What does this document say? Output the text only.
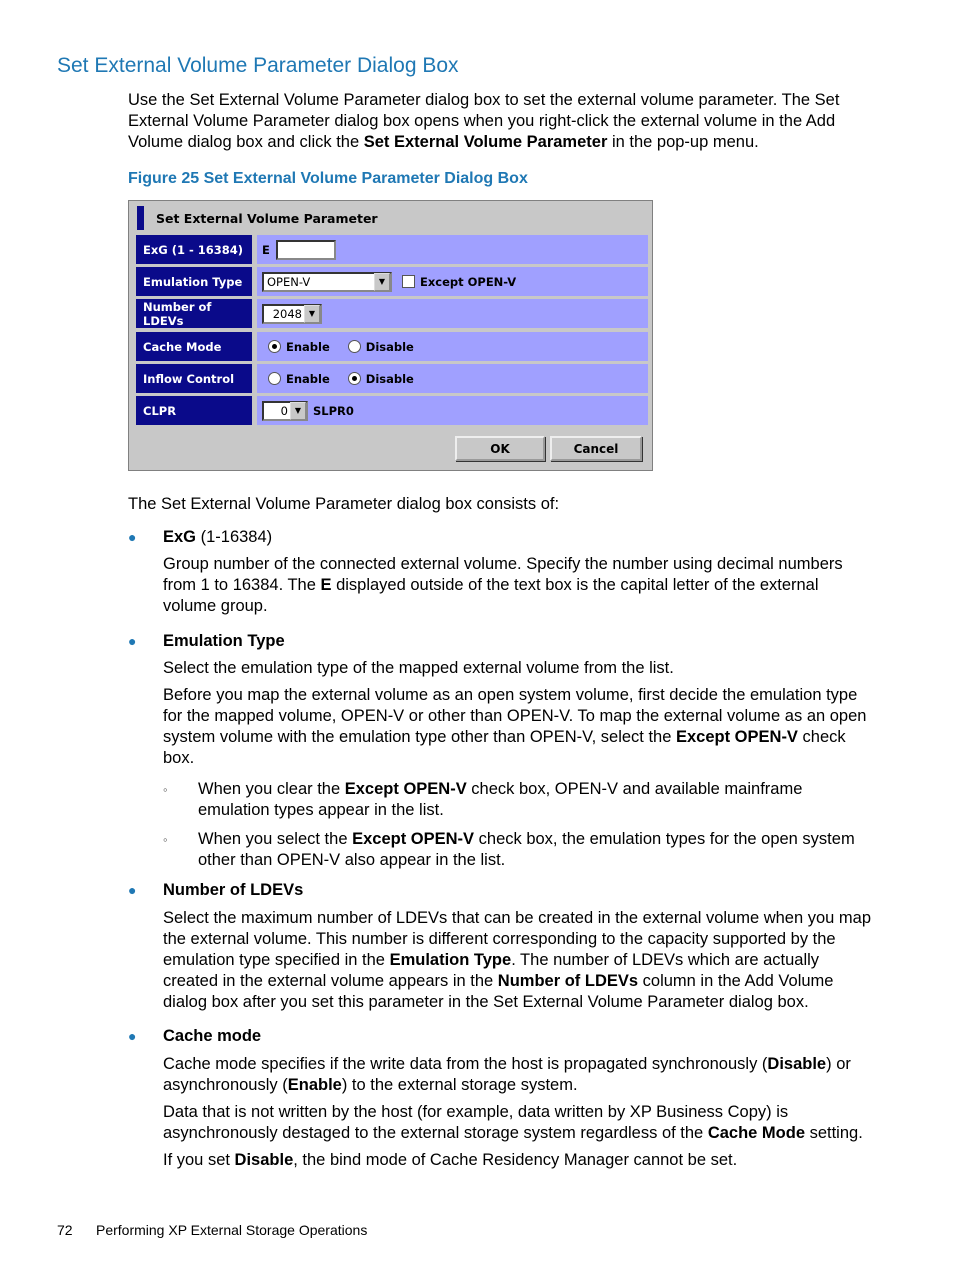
Set External Volume Parameter Dialog Box

Use the Set External Volume Parameter dialog box to set the external volume parameter. The Set External Volume Parameter dialog box opens when you right-click the external volume in the Add Volume dialog box and click the Set External Volume Parameter in the pop-up menu.

Figure 25 Set External Volume Parameter Dialog Box

Set External Volume Parameter
ExG (1 - 16384)	E
Emulation Type	OPEN-V	▼	Except OPEN-V
Number of LDEVs	2048 ▼
Cache Mode	Enable	Disable
Inflow Control	Enable	Disable
CLPR	0 ▼	SLPR0
OK	Cancel

The Set External Volume Parameter dialog box consists of:

● ExG (1-16384)

Group number of the connected external volume. Specify the number using decimal numbers from 1 to 16384. The E displayed outside of the text box is the capital letter of the external volume group.

● Emulation Type

Select the emulation type of the mapped external volume from the list.

Before you map the external volume as an open system volume, first decide the emulation type for the mapped volume, OPEN-V or other than OPEN-V. To map the external volume as an open system volume with the emulation type other than OPEN-V, select the Except OPEN-V check box.

◦ When you clear the Except OPEN-V check box, OPEN-V and available mainframe emulation types appear in the list.

◦ When you select the Except OPEN-V check box, the emulation types for the open system other than OPEN-V also appear in the list.

● Number of LDEVs

Select the maximum number of LDEVs that can be created in the external volume when you map the external volume. This number is different corresponding to the capacity supported by the emulation type specified in the Emulation Type. The number of LDEVs which are actually created in the external volume appears in the Number of LDEVs column in the Add Volume dialog box after you set this parameter in the Set External Volume Parameter dialog box.

● Cache mode

Cache mode specifies if the write data from the host is propagated synchronously (Disable) or asynchronously (Enable) to the external storage system.

Data that is not written by the host (for example, data written by XP Business Copy) is asynchronously destaged to the external storage system regardless of the Cache Mode setting.

If you set Disable, the bind mode of Cache Residency Manager cannot be set.

72 Performing XP External Storage Operations
